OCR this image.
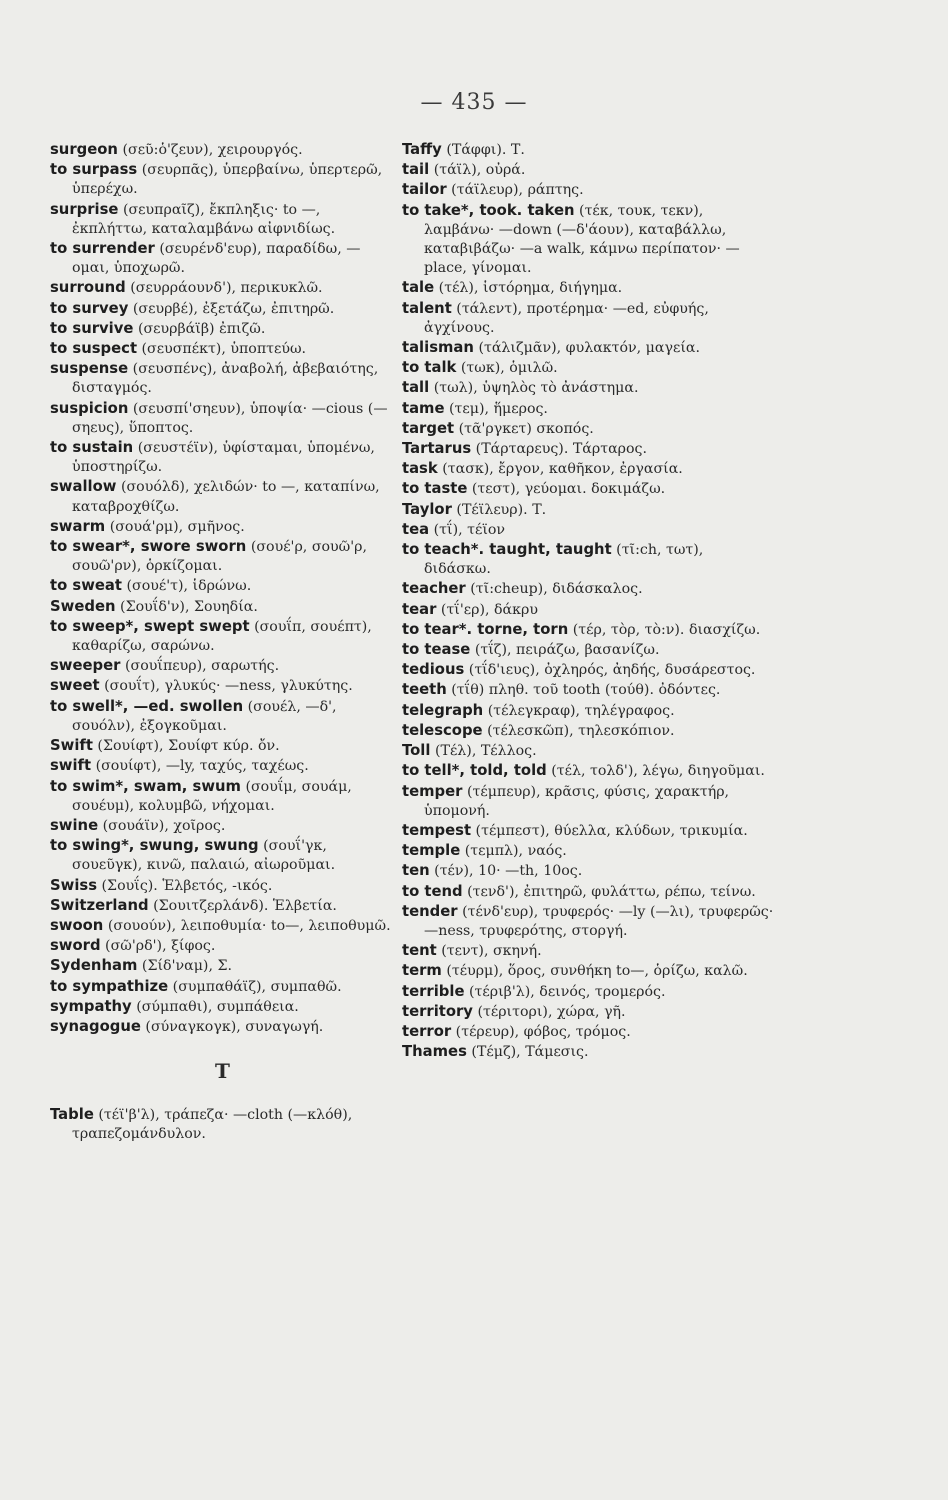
— 435 —

surgeon (σεῦ:ὁ'ζευν), χειρουργός.

to surpass (σευρπᾶς), ὑπερβαίνω, ὑπερτερῶ, ὑπερέχω.

surprise (σευπραῖζ), ἔκπληξις· to —, ἐκπλήττω, καταλαμβάνω αἰφνιδίως.

to surrender (σευρένδ'ευρ), παραδίδω, —ομαι, ὑποχωρῶ.

surround (σευρράουνδ'), περικυκλῶ.

to survey (σευρβέ), ἐξετάζω, ἐπιτηρῶ.

to survive (σευρβάϊβ) ἐπιζῶ.

to suspect (σευσπέκτ), ὑποπτεύω.

suspense (σευσπένς), ἀναβολή, ἀβεβαιότης, δισταγμός.

suspicion (σευσπί'σηευν), ὑποψία· —cious (—σηευς), ὕποπτος.

to sustain (σευστέϊν), ὑφίσταμαι, ὑπομένω, ὑποστηρίζω.

swallow (σουόλδ), χελιδών· to —, καταπίνω, καταβροχθίζω.

swarm (σουά'ρμ), σμῆνος.

to swear*, swore sworn (σουέ'ρ, σουῶ'ρ, σουῶ'ρν), ὁρκίζομαι.

to sweat (σουέ'τ), ἱδρώνω.

Sweden (Σουΐδ'ν), Σουηδία.

to sweep*, swept swept (σουΐπ, σουέπτ), καθαρίζω, σαρώνω.

sweeper (σουΐπευρ), σαρωτής.

sweet (σουΐτ), γλυκύς· —ness, γλυκύτης.

to swell*, —ed. swollen (σουέλ, —δ', σουόλν), ἐξογκοῦμαι.

Swift (Σουίφτ), Σουίφτ κύρ. ὄν.

swift (σουίφτ), —ly, ταχύς, ταχέως.

to swim*, swam, swum (σουΐμ, σουάμ, σουέυμ), κολυμβῶ, νήχομαι.

swine (σουάϊν), χοῖρος.

to swing*, swung, swung (σουΐ'γκ, σουεῦγκ), κινῶ, παλαιώ, αἰωροῦμαι.

Swiss (Σουΐς). Ἑλβετός, -ικός.

Switzerland (Σουιτζερλάνδ). Ἑλβετία.

swoon (σουούν), λειποθυμία· to—, λειποθυμῶ.

sword (σῶ'ρδ'), ξίφος.

Sydenham (Σίδ'ναμ), Σ.

to sympathize (συμπαθάϊζ), συμπαθῶ.

sympathy (σύμπαθι), συμπάθεια.

synagogue (σύναγκογκ), συναγωγή.

T

Table (τέϊ'β'λ), τράπεζα· —cloth (—κλόθ), τραπεζομάνδυλον.

Taffy (Τάφφι). Τ.

tail (τάϊλ), οὐρά.

tailor (τάϊλευρ), ράπτης.

to take*, took. taken (τέκ, τουκ, τεκν), λαμβάνω· —down (—δ'άουν), καταβάλλω, καταβιβάζω· —a walk, κάμνω περίπατον· —place, γίνομαι.

tale (τέλ), ἱστόρημα, διήγημα.

talent (τάλεντ), προτέρημα· —ed, εὐφυής, ἀγχίνους.

talisman (τάλιζμᾶν), φυλακτόν, μαγεία.

to talk (τωκ), ὁμιλῶ.

tall (τωλ), ὑψηλὸς τὸ ἀνάστημα.

tame (τεμ), ἥμερος.

target (τᾶ'ργκετ) σκοπός.

Tartarus (Τάρταρευς). Τάρταρος.

task (τασκ), ἔργον, καθῆκον, ἐργασία.

to taste (τεστ), γεύομαι. δοκιμάζω.

Taylor (Τέϊλευρ). Τ.

tea (τΐ), τέϊον

to teach*. taught, taught (τῖ:ch, τωτ), διδάσκω.

teacher (τῖ:cheup), διδάσκαλος.

tear (τΐ'ερ), δάκρυ

to tear*. torne, torn (τέρ, τὸρ, τὸ:ν). διασχίζω.

to tease (τΐζ), πειράζω, βασανίζω.

tedious (τΐδ'ιευς), ὀχληρός, ἀηδής, δυσάρεστος.

teeth (τΐθ) πληθ. τοῦ tooth (τούθ). ὀδόντες.

telegraph (τέλεγκραφ), τηλέγραφος.

telescope (τέλεσκῶπ), τηλεσκόπιον.

Toll (Τέλ), Τέλλος.

to tell*, told, told (τέλ, τολδ'), λέγω, διηγοῦμαι.

temper (τέμπευρ), κρᾶσις, φύσις, χαρακτήρ, ὑπομονή.

tempest (τέμπεστ), θύελλα, κλύδων, τρικυμία.

temple (τεμπλ), ναός.

ten (τέν), 10· —th, 10ος.

to tend (τενδ'), ἐπιτηρῶ, φυλάττω, ρέπω, τείνω.

tender (τένδ'ευρ), τρυφερός· —ly (—λι), τρυφερῶς· —ness, τρυφερότης, στοργή.

tent (τεντ), σκηνή.

term (τέυρμ), ὅρος, συνθήκη to—, ὁρίζω, καλῶ.

terrible (τέριβ'λ), δεινός, τρομερός.

territory (τέριτορι), χώρα, γῆ.

terror (τέρευρ), φόβος, τρόμος.

Thames (Τέμζ), Τάμεσις.
